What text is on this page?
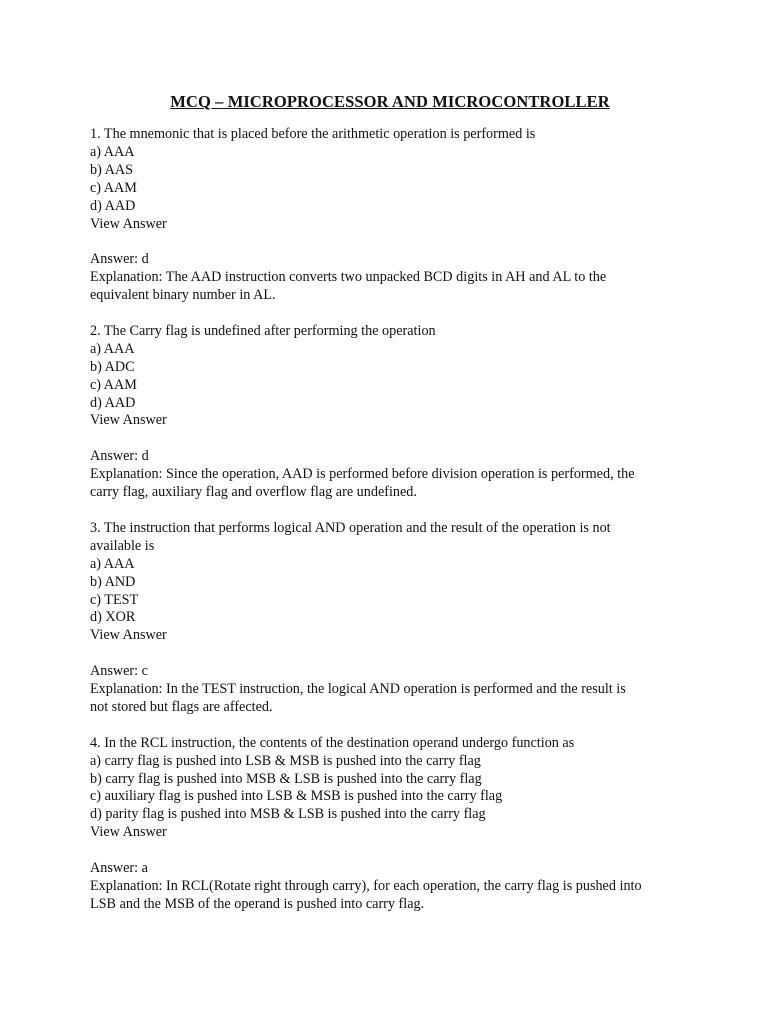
MCQ – MICROPROCESSOR AND MICROCONTROLLER
1. The mnemonic that is placed before the arithmetic operation is performed is
a) AAA
b) AAS
c) AAM
d) AAD
View Answer
Answer: d
Explanation: The AAD instruction converts two unpacked BCD digits in AH and AL to the
equivalent binary number in AL.
2. The Carry flag is undefined after performing the operation
a) AAA
b) ADC
c) AAM
d) AAD
View Answer
Answer: d
Explanation: Since the operation, AAD is performed before division operation is performed, the
carry flag, auxiliary flag and overflow flag are undefined.
3. The instruction that performs logical AND operation and the result of the operation is not
available is
a) AAA
b) AND
c) TEST
d) XOR
View Answer
Answer: c
Explanation: In the TEST instruction, the logical AND operation is performed and the result is
not stored but flags are affected.
4. In the RCL instruction, the contents of the destination operand undergo function as
a) carry flag is pushed into LSB & MSB is pushed into the carry flag
b) carry flag is pushed into MSB & LSB is pushed into the carry flag
c) auxiliary flag is pushed into LSB & MSB is pushed into the carry flag
d) parity flag is pushed into MSB & LSB is pushed into the carry flag
View Answer
Answer: a
Explanation: In RCL(Rotate right through carry), for each operation, the carry flag is pushed into
LSB and the MSB of the operand is pushed into carry flag.
